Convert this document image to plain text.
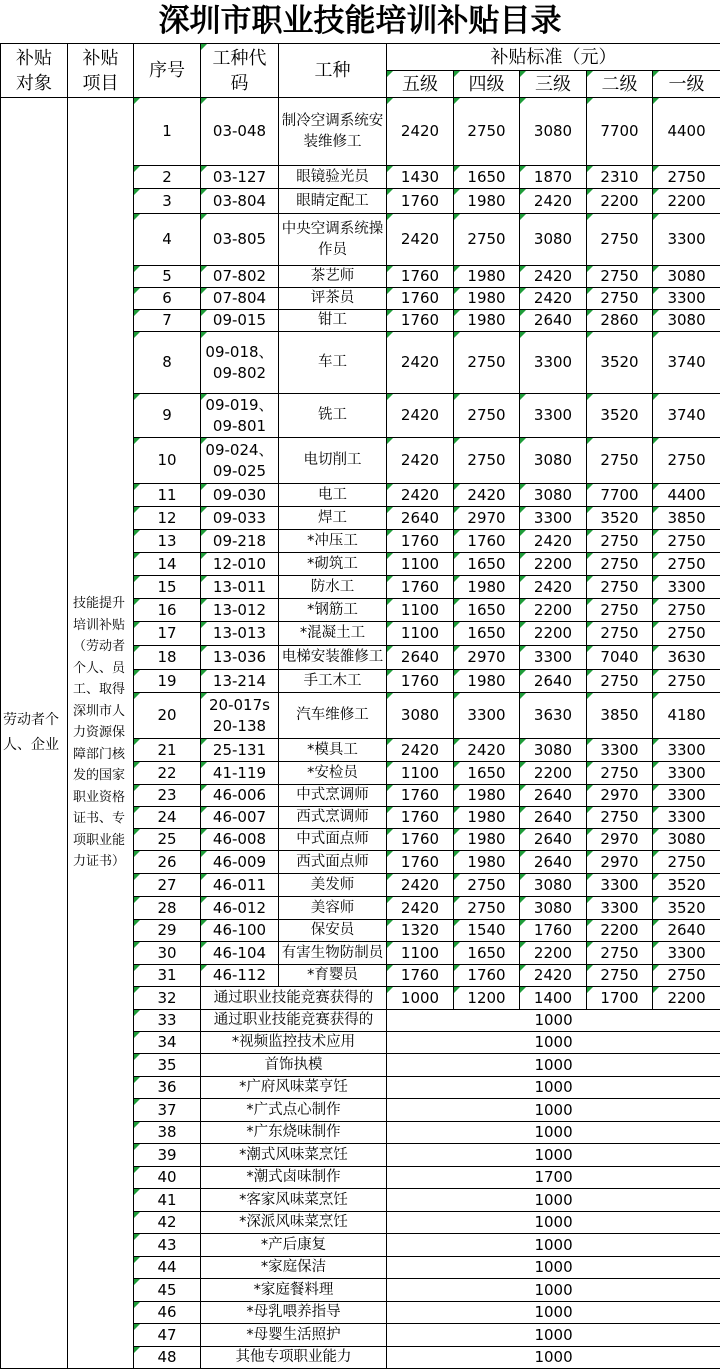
深圳市职业技能培训补贴目录
补贴对象	补贴项目	序号	工种代码	工种	补贴标准（元）				
					五级	四级	三级	二级	一级
劳动者个人、企业	技能提升培训补贴（劳动者个人、员工、取得深圳市人力资源保障部门核发的国家职业资格证书、专项职业能力证书）	1	03-048	制冷空调系统安装维修工	2420	2750	3080	7700	4400
		2	03-127	眼镜验光员	1430	1650	1870	2310	2750
		3	03-804	眼睛定配工	1760	1980	2420	2200	2200
		4	03-805	中央空调系统操作员	2420	2750	3080	2750	3300
		5	07-802	茶艺师	1760	1980	2420	2750	3080
		6	07-804	评茶员	1760	1980	2420	2750	3300
		7	09-015	钳工	1760	1980	2640	2860	3080
		8	09-018、09-802	车工	2420	2750	3300	3520	3740
		9	09-019、09-801	铣工	2420	2750	3300	3520	3740
		10	09-024、09-025	电切削工	2420	2750	3080	2750	2750
		11	09-030	电工	2420	2420	3080	7700	4400
		12	09-033	焊工	2640	2970	3300	3520	3850
		13	09-218	*冲压工	1760	1760	2420	2750	2750
		14	12-010	*砌筑工	1100	1650	2200	2750	2750
		15	13-011	防水工	1760	1980	2420	2750	3300
		16	13-012	*钢筋工	1100	1650	2200	2750	2750
		17	13-013	*混凝土工	1100	1650	2200	2750	2750
		18	13-036	电梯安装雒修工	2640	2970	3300	7040	3630
		19	13-214	手工木工	1760	1980	2640	2750	2750
		20	20-017s 20-138	汽车维修工	3080	3300	3630	3850	4180
		21	25-131	*模具工	2420	2420	3080	3300	3300
		22	41-119	*安检员	1100	1650	2200	2750	3300
		23	46-006	中式烹调师	1760	1980	2640	2970	3300
		24	46-007	西式烹调师	1760	1980	2640	2750	3300
		25	46-008	中式面点师	1760	1980	2640	2970	3080
		26	46-009	西式面点师	1760	1980	2640	2970	2750
		27	46-011	美发师	2420	2750	3080	3300	3520
		28	46-012	美容师	2420	2750	3080	3300	3520
		29	46-100	保安员	1320	1540	1760	2200	2640
		30	46-104	有害生物防制员	1100	1650	2200	2750	3300
		31	46-112	*育婴员	1760	1760	2420	2750	2750
		32	通过职业技能竞赛获得的		1000	1200	1400	1700	2200
		33	通过职业技能竞赛获得的		1000				
		34	*视频监控技术应用		1000				
		35	首饰执模		1000				
		36	*广府风味菜亨饪		1000				
		37	*广式点心制作		1000				
		38	*广东烧味制作		1000				
		39	*潮式风味菜烹饪		1000				
		40	*潮式卤味制作		1700				
		41	*客家风味菜烹饪		1000				
		42	*深派风味菜烹饪		1000				
		43	*产后康复		1000				
		44	*家庭保洁		1000				
		45	*家庭餐料理		1000				
		46	*母乳喂养指导		1000				
		47	*母婴生活照护		1000				
		48	其他专项职业能力		1000				
